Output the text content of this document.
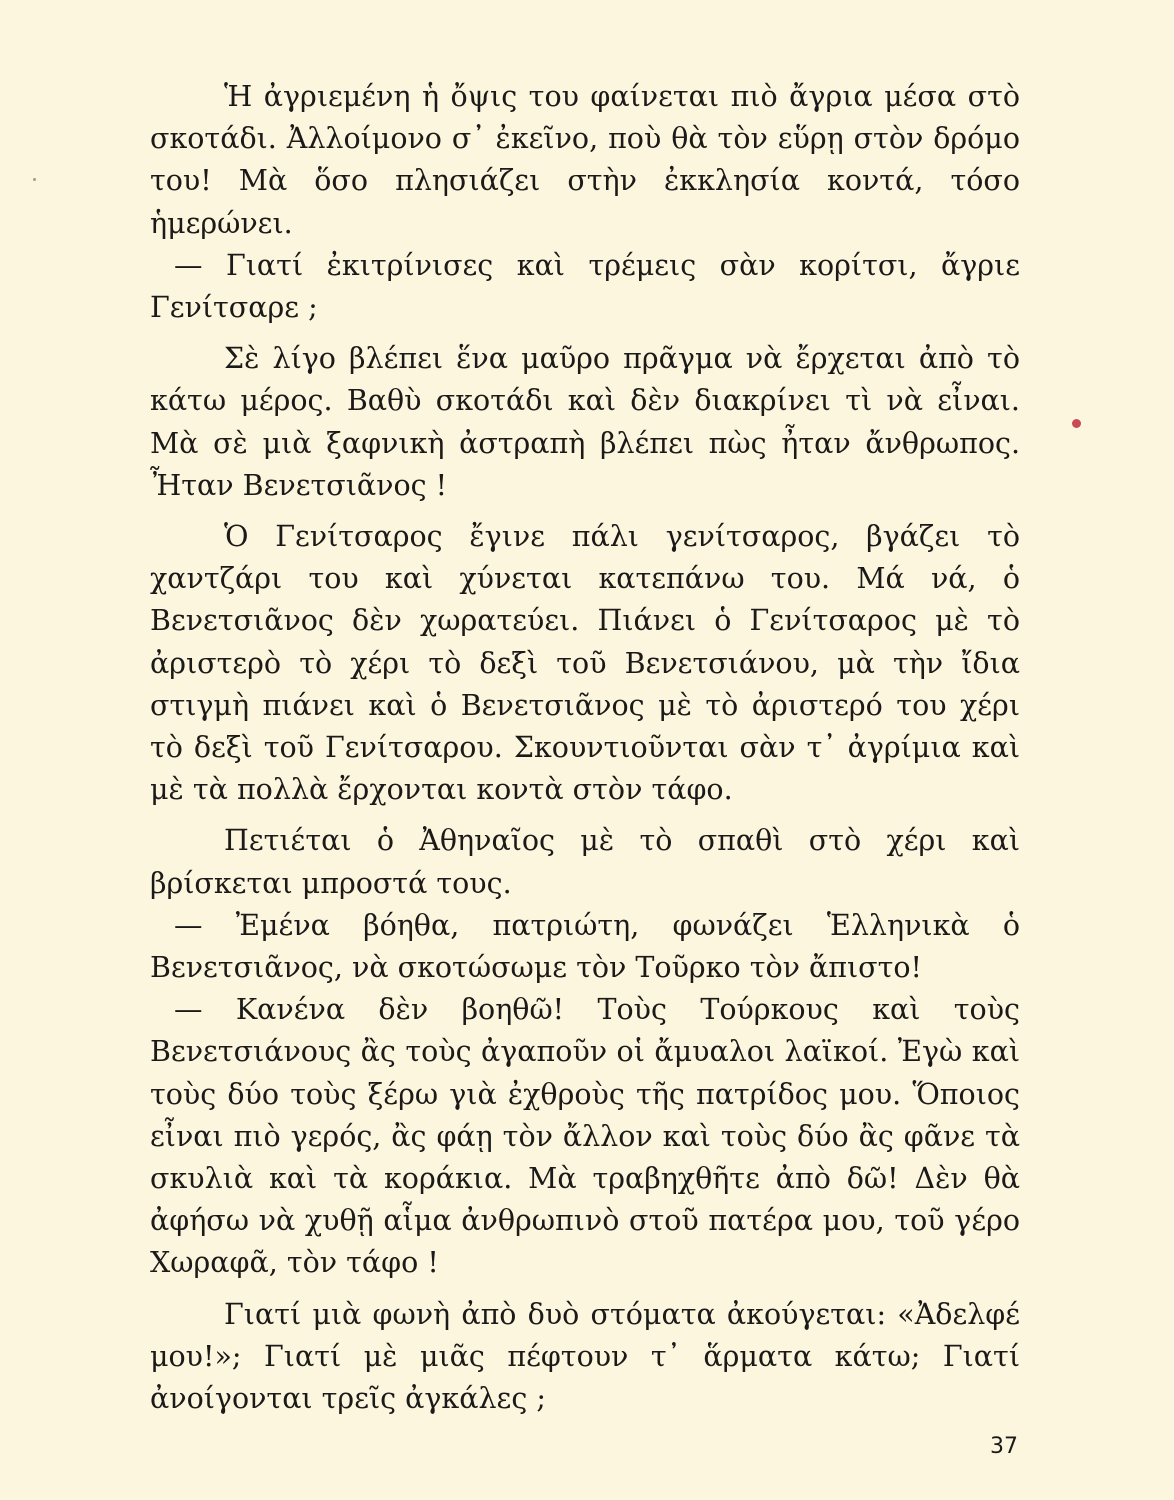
Ἡ ἀγριεμένη ἡ ὄψις του φαίνεται πιὸ ἄγρια μέσα στὸ σκοτάδι. Ἀλλοίμονο σ᾿ ἐκεῖνο, ποὺ θὰ τὸν εὕρῃ στὸν δρόμο του! Μὰ ὅσο πλησιάζει στὴν ἐκκλησία κοντά, τόσο ἡμερώνει.

— Γιατί ἐκιτρίνισες καὶ τρέμεις σὰν κορίτσι, ἄγριε Γενίτσαρε ;

Σὲ λίγο βλέπει ἕνα μαῦρο πρᾶγμα νὰ ἔρχεται ἀπὸ τὸ κάτω μέρος. Βαθὺ σκοτάδι καὶ δὲν διακρίνει τὶ νὰ εἶναι. Μὰ σὲ μιὰ ξαφνικὴ ἀστραπὴ βλέπει πὼς ἦταν ἄνθρωπος. Ἦταν Βενετσιᾶνος !

Ὁ Γενίτσαρος ἔγινε πάλι γενίτσαρος, βγάζει τὸ χαντζάρι του καὶ χύνεται κατεπάνω του. Μά νά, ὁ Βενετσιᾶνος δὲν χωρατεύει. Πιάνει ὁ Γενίτσαρος μὲ τὸ ἀριστερὸ τὸ χέρι τὸ δεξὶ τοῦ Βενετσιάνου, μὰ τὴν ἴδια στιγμὴ πιάνει καὶ ὁ Βενετσιᾶνος μὲ τὸ ἀριστερό του χέρι τὸ δεξὶ τοῦ Γενίτσαρου. Σκουντιοῦνται σὰν τ᾿ ἀγρίμια καὶ μὲ τὰ πολλὰ ἔρχονται κοντὰ στὸν τάφο.

Πετιέται ὁ Ἀθηναῖος μὲ τὸ σπαθὶ στὸ χέρι καὶ βρίσκεται μπροστά τους.

— Ἐμένα βόηθα, πατριώτη, φωνάζει Ἑλληνικὰ ὁ Βενετσιᾶνος, νὰ σκοτώσωμε τὸν Τοῦρκο τὸν ἄπιστο!

— Κανένα δὲν βοηθῶ! Τοὺς Τούρκους καὶ τοὺς Βενετσιάνους ἂς τοὺς ἀγαποῦν οἱ ἄμυαλοι λαϊκοί. Ἐγὼ καὶ τοὺς δύο τοὺς ξέρω γιὰ ἐχθροὺς τῆς πατρίδος μου. Ὅποιος εἶναι πιὸ γερός, ἂς φάῃ τὸν ἄλλον καὶ τοὺς δύο ἂς φᾶνε τὰ σκυλιὰ καὶ τὰ κοράκια. Μὰ τραβηχθῆτε ἀπὸ δῶ! Δὲν θὰ ἀφήσω νὰ χυθῇ αἷμα ἀνθρωπινὸ στοῦ πατέρα μου, τοῦ γέρο Χωραφᾶ, τὸν τάφο !

Γιατί μιὰ φωνὴ ἀπὸ δυὸ στόματα ἀκούγεται: «Ἀδελφέ μου!»; Γιατί μὲ μιᾶς πέφτουν τ᾿ ἅρματα κάτω; Γιατί ἀνοίγονται τρεῖς ἀγκάλες ;

37
